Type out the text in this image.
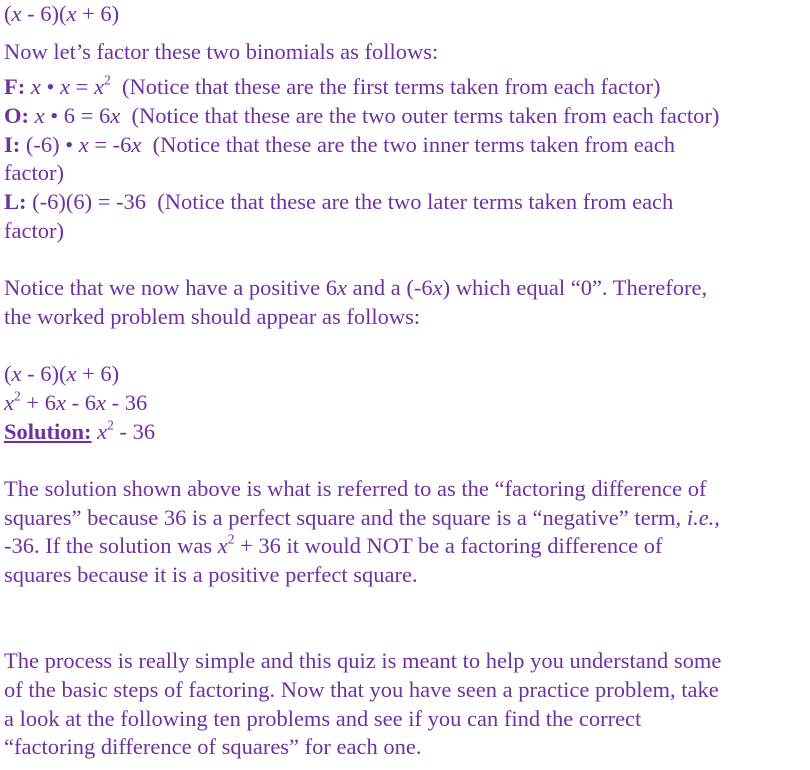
(x - 6)(x + 6)
Now let’s factor these two binomials as follows:
F: x • $x = x^2$ (Notice that these are the first terms taken from each factor)
O: x • 6 = 6x (Notice that these are the two outer terms taken from each factor)
I: (-6) • x = -6x (Notice that these are the two inner terms taken from each
factor)
L: (-6)(6) = -36 (Notice that these are the two later terms taken from each
factor)
Notice that we now have a positive 6x and a (-6x) which equal “0”. Therefore,
the worked problem should appear as follows:
(x - 6)(x + 6)
$x^2 + 6x - 6x - 36$
Solution: $x^2 - 36$
The solution shown above is what is referred to as the “factoring difference of
squares” because 36 is a perfect square and the square is a “negative” term, i.e.,
-36. If the solution was $x^2 + 36$ it would NOT be a factoring difference of
squares because it is a positive perfect square.
The process is really simple and this quiz is meant to help you understand some
of the basic steps of factoring. Now that you have seen a practice problem, take
a look at the following ten problems and see if you can find the correct
“factoring difference of squares” for each one.
